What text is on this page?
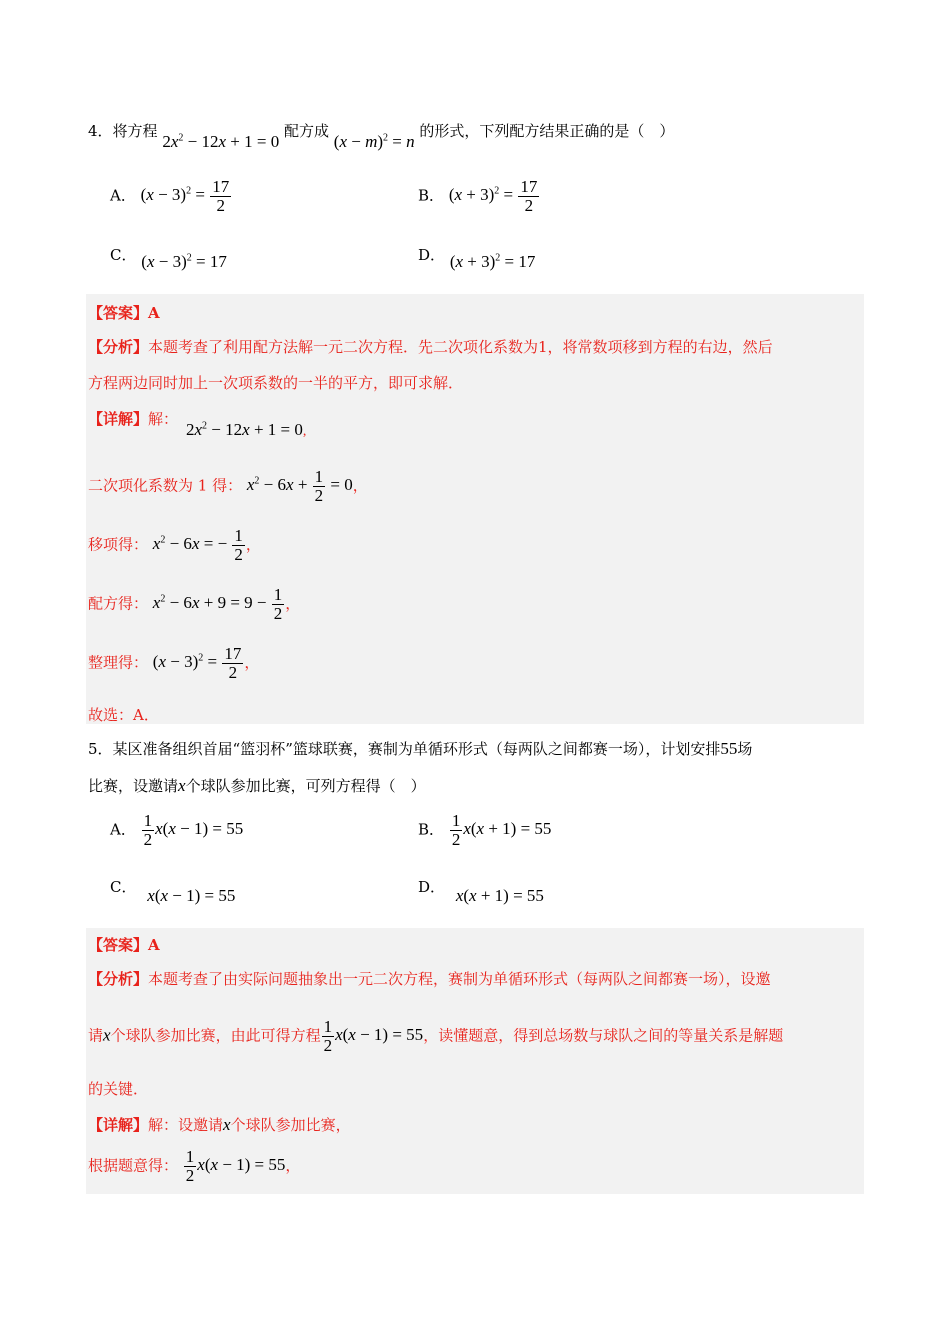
4．将方程 $2x^2 - 12x + 1 = 0$ 配方成 $(x - m)^2 = n$ 的形式，下列配方结果正确的是（　）
A． $(x - 3)^2 = \frac{17}{2}$	B． $(x + 3)^2 = \frac{17}{2}$
C． $(x - 3)^2 = 17$	D． $(x + 3)^2 = 17$
【答案】A
【分析】本题考查了利用配方法解一元二次方程．先二次项化系数为1，将常数项移到方程的右边，然后
方程两边同时加上一次项系数的一半的平方，即可求解．
【详解】解：
$2x^2 - 12x + 1 = 0$,
二次项化系数为 1 得： $x^2 - 6x + \frac{1}{2} = 0$，
移项得： $x^2 - 6x$ = − $\frac{1}{2}$ ，
配方得： $x^2 - 6x + 9 = 9 - \frac{1}{2}$ ，
整理得： $(x - 3)^2 = \frac{17}{2}$ ，
故选：A．
5．某区准备组织首届“篮羽杯”篮球联赛，赛制为单循环形式（每两队之间都赛一场），计划安排55场
比赛，设邀请x个球队参加比赛，可列方程得（　）
A． $\frac{1}{2} x(x - 1) = 55$	B． $\frac{1}{2} x(x + 1) = 55$
C． x(x − 1) = 55	D． x(x + 1) = 55
【答案】A
【分析】本题考查了由实际问题抽象出一元二次方程，赛制为单循环形式（每两队之间都赛一场），设邀
请x个球队参加比赛，由此可得方程 $\frac{1}{2} x(x - 1) = 55$，读懂题意，得到总场数与球队之间的等量关系是解题
的关键．
【详解】解：设邀请x个球队参加比赛，
根据题意得： $\frac{1}{2} x(x - 1) = 55$，
